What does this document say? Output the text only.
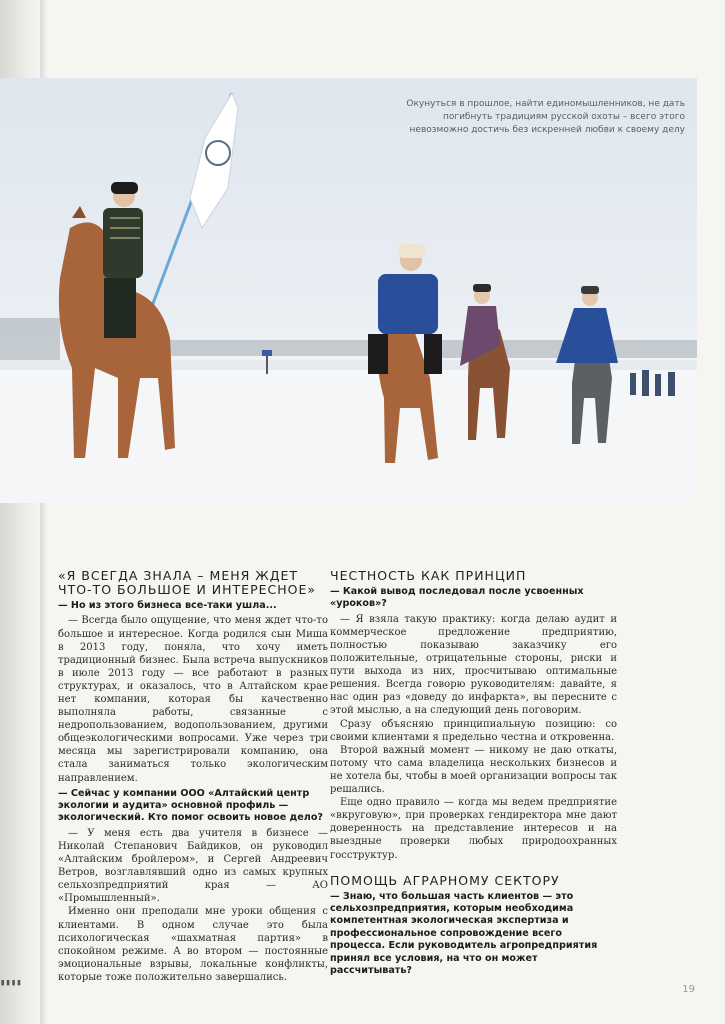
Окунуться в прошлое, найти единомышленников, не дать погибнуть традициям русской охоты – всего этого невозможно достичь без искренней любви к своему делу
«Я ВСЕГДА ЗНАЛА – МЕНЯ ЖДЕТ ЧТО-ТО БОЛЬШОЕ И ИНТЕРЕСНОЕ»
— Но из этого бизнеса все-таки ушла...

— Всегда было ощущение, что меня ждет что-то большое и интересное. Когда родился сын Миша в 2013 году, поняла, что хочу иметь традиционный бизнес. Была встреча выпускников в июле 2013 году — все работают в разных структурах, и оказалось, что в Алтайском крае нет компании, которая бы качественно выполняла работы, связанные с недропользованием, водопользованием, другими общеэкологическими вопросами. Уже через три месяца мы зарегистрировали компанию, она стала заниматься только экологическим направлением.

— Сейчас у компании ООО «Алтайский центр экологии и аудита» основной профиль — экологический. Кто помог освоить новое дело?

— У меня есть два учителя в бизнесе — Николай Степанович Байдиков, он руководил «Алтайским бройлером», и Сергей Андреевич Ветров, возглавлявший одно из самых крупных сельхозпредприятий края — АО «Промышленный».

Именно они преподали мне уроки общения с клиентами. В одном случае это была психологическая «шахматная партия» в спокойном режиме. А во втором — постоянные эмоциональные взрывы, локальные конфликты, которые тоже положительно завершались.

ЧЕСТНОСТЬ КАК ПРИНЦИП
— Какой вывод последовал после усвоенных «уроков»?

— Я взяла такую практику: когда делаю аудит и коммерческое предложение предприятию, полностью показываю заказчику его положительные, отрицательные стороны, риски и пути выхода из них, просчитываю оптимальные решения. Всегда говорю руководителям: давайте, я нас один раз «доведу до инфаркта», вы пересните с этой мыслью, а на следующий день поговорим.

Сразу объясняю принципиальную позицию: со своими клиентами я предельно честна и откровенна.

Второй важный момент — никому не даю откаты, потому что сама владелица нескольких бизнесов и не хотела бы, чтобы в моей организации вопросы так решались.

Еще одно правило — когда мы ведем предприятие «вкруговую», при проверках гендиректора мне дают доверенность на представление интересов и на выездные проверки любых природоохранных госструктур.

ПОМОЩЬ АГРАРНОМУ СЕКТОРУ
— Знаю, что большая часть клиентов — это сельхозпредприятия, которым необходима компетентная экологическая экспертиза и профессиональное сопровождение всего процесса. Если руководитель агропредприятия принял все условия, на что он может рассчитывать?
▮▮▮▮
19
